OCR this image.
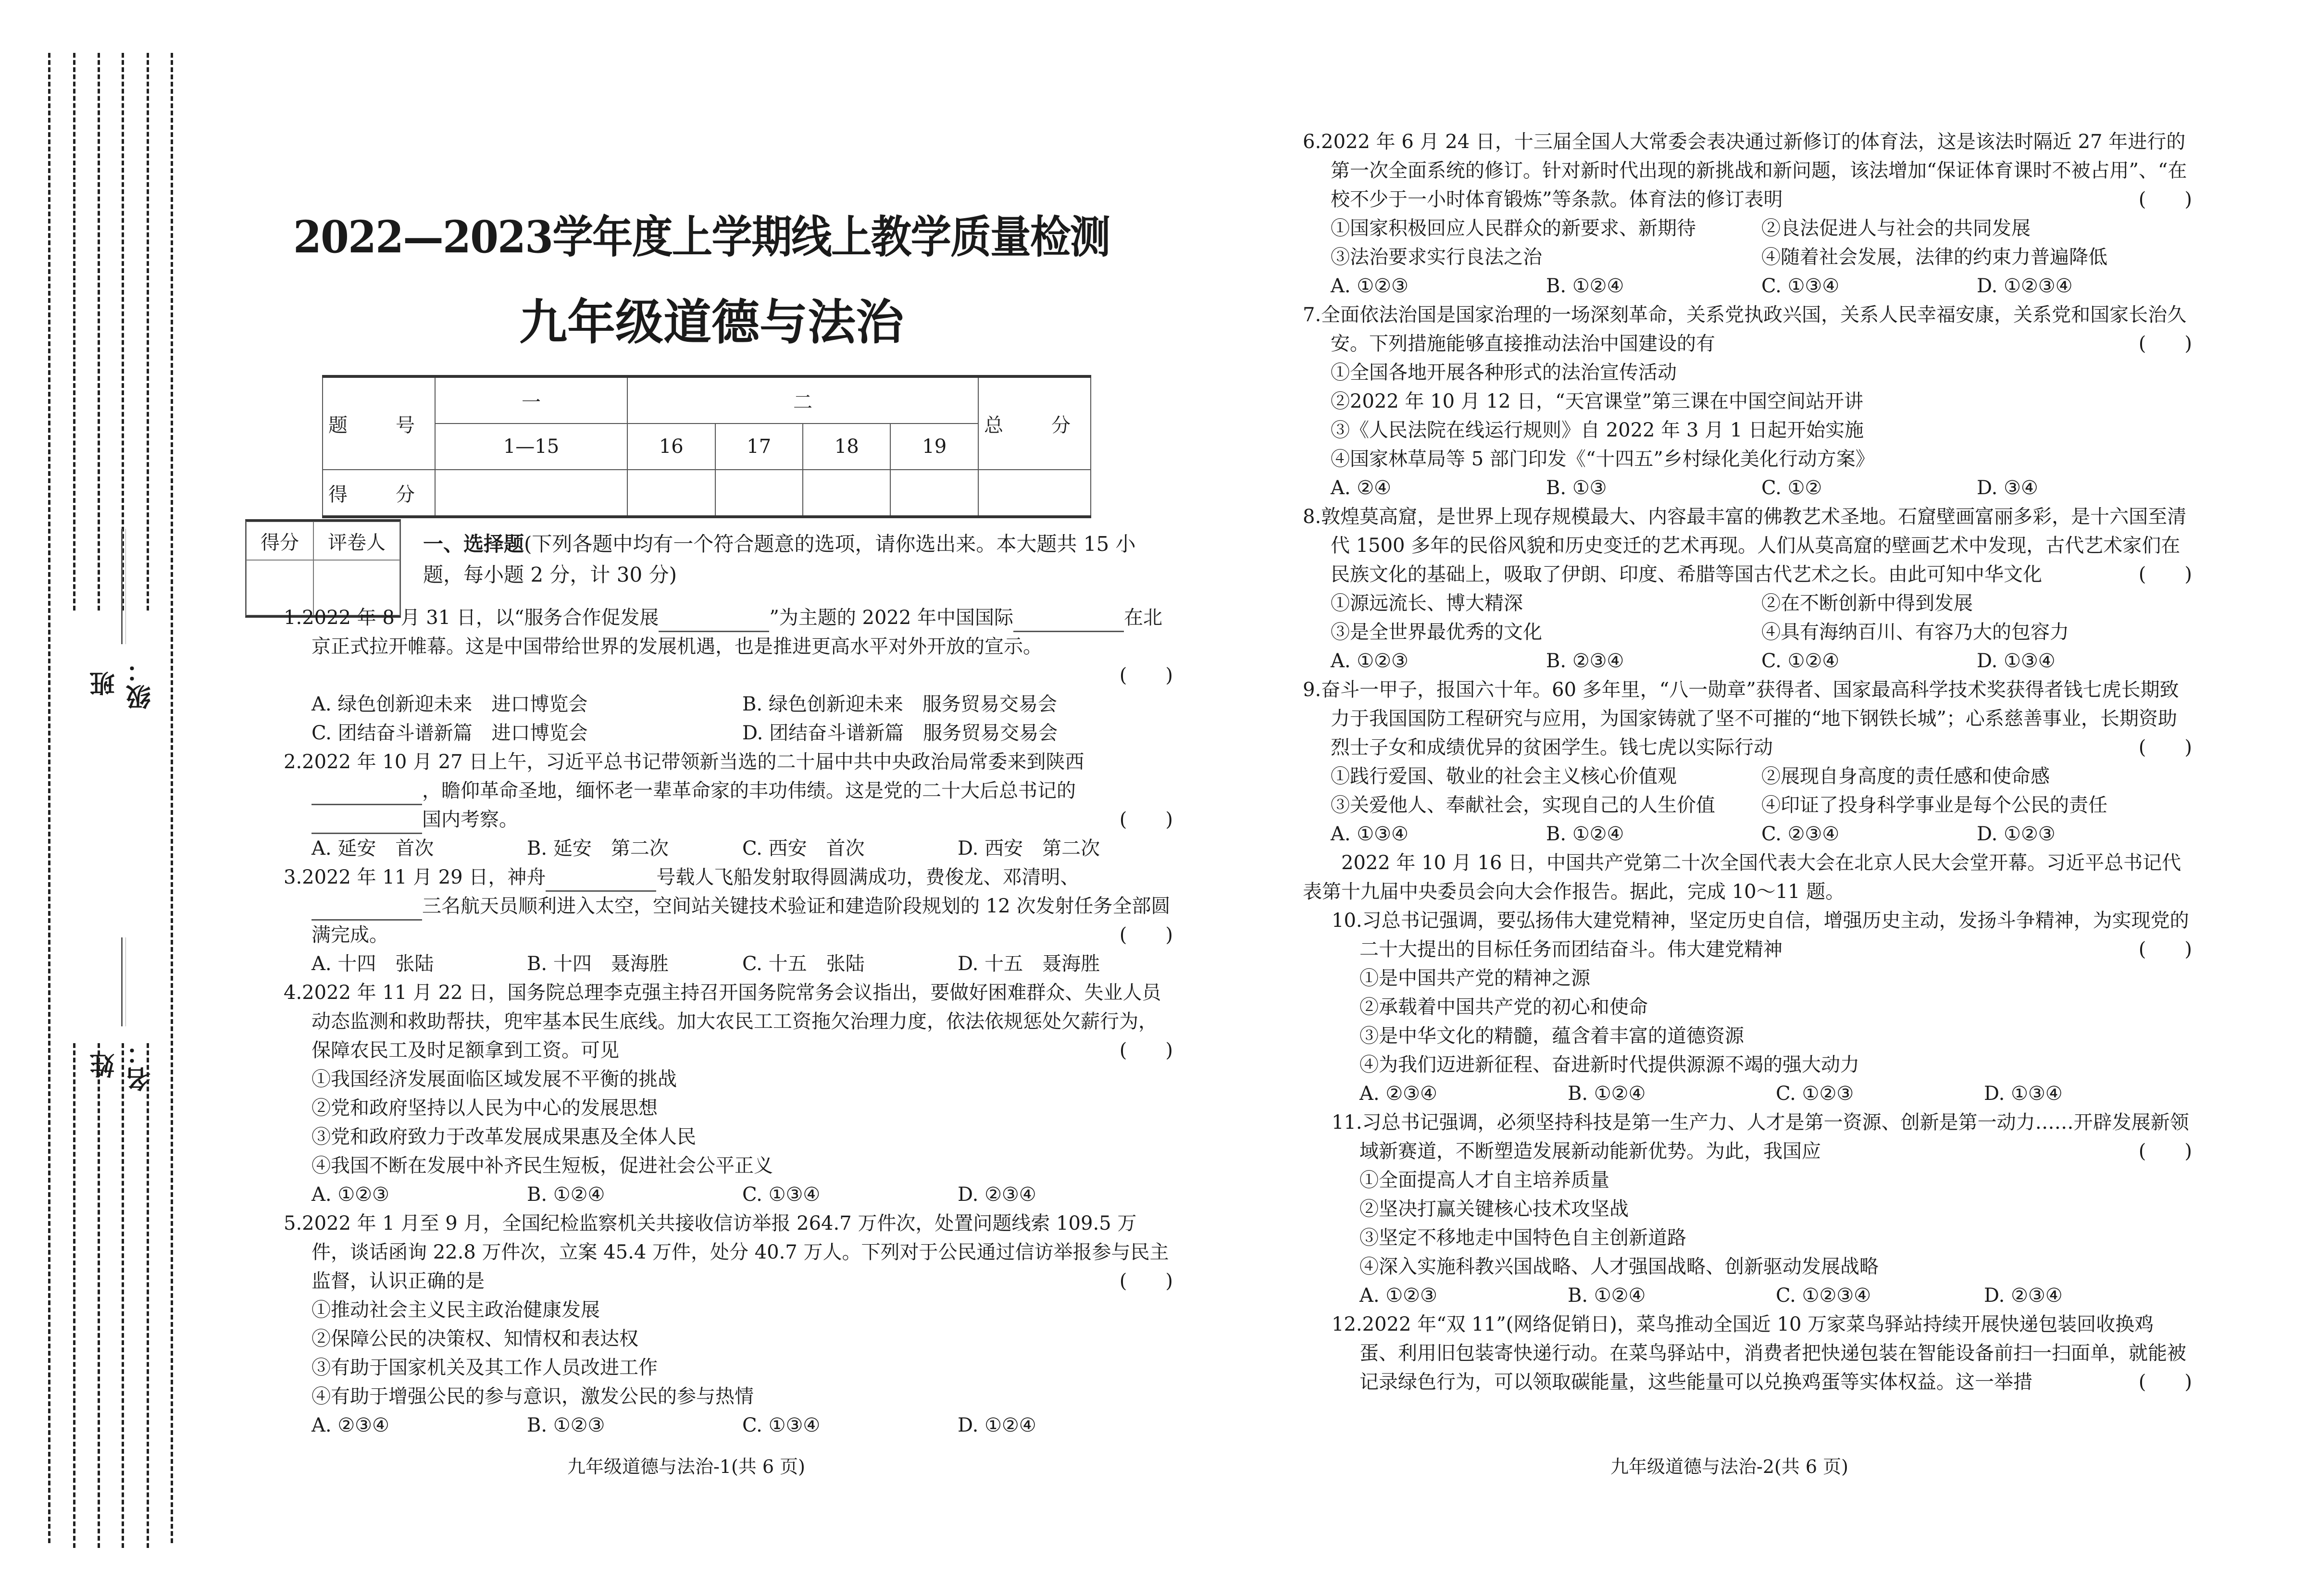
班级：
姓名：
2022—2023学年度上学期线上教学质量检测
九年级道德与法治
题　号	一	二				总　分
	1—15	16	17	18	19	
得　分						
得分	评卷人	一、选择题(下列各题中均有一个符合题意的选项，请你选出来。本大题共 15 小题，每小题 2 分，计 30 分)
1.2022 年 8 月 31 日，以“服务合作促发展	”为主题的 2022 年中国国际	在北京正式拉开帷幕。这是中国带给世界的发展机遇，也是推进更高水平对外开放的宣示。
(　　)
A. 绿色创新迎未来　进口博览会	B. 绿色创新迎未来　服务贸易交易会
C. 团结奋斗谱新篇　进口博览会	D. 团结奋斗谱新篇　服务贸易交易会
2.2022 年 10 月 27 日上午，习近平总书记带领新当选的二十届中共中央政治局常委来到陕西，瞻仰革命圣地，缅怀老一辈革命家的丰功伟绩。这是党的二十大后总书记的国内考察。	(　　)
A. 延安　首次	B. 延安　第二次	C. 西安　首次	D. 西安　第二次
3.2022 年 11 月 29 日，神舟	号载人飞船发射取得圆满成功，费俊龙、邓清明、三名航天员顺利进入太空，空间站关键技术验证和建造阶段规划的 12 次发射任务全部圆满完成。	(　　)
A. 十四　张陆	B. 十四　聂海胜	C. 十五　张陆	D. 十五　聂海胜
4.2022 年 11 月 22 日，国务院总理李克强主持召开国务院常务会议指出，要做好困难群众、失业人员动态监测和救助帮扶，兜牢基本民生底线。加大农民工工资拖欠治理力度，依法依规惩处欠薪行为，保障农民工及时足额拿到工资。可见	(　　)
①我国经济发展面临区域发展不平衡的挑战
②党和政府坚持以人民为中心的发展思想
③党和政府致力于改革发展成果惠及全体人民
④我国不断在发展中补齐民生短板，促进社会公平正义
A. ①②③	B. ①②④	C. ①③④	D. ②③④
5.2022 年 1 月至 9 月，全国纪检监察机关共接收信访举报 264.7 万件次，处置问题线索 109.5 万件，谈话函询 22.8 万件次，立案 45.4 万件，处分 40.7 万人。下列对于公民通过信访举报参与民主监督，认识正确的是	(　　)
①推动社会主义民主政治健康发展
②保障公民的决策权、知情权和表达权
③有助于国家机关及其工作人员改进工作
④有助于增强公民的参与意识，激发公民的参与热情
A. ②③④	B. ①②③	C. ①③④	D. ①②④
九年级道德与法治-1(共 6 页)
6.2022 年 6 月 24 日，十三届全国人大常委会表决通过新修订的体育法，这是该法时隔近 27 年进行的第一次全面系统的修订。针对新时代出现的新挑战和新问题，该法增加“保证体育课时不被占用”、“在校不少于一小时体育锻炼”等条款。体育法的修订表明	(　　)
①国家积极回应人民群众的新要求、新期待	②良法促进人与社会的共同发展
③法治要求实行良法之治	④随着社会发展，法律的约束力普遍降低
A. ①②③	B. ①②④	C. ①③④	D. ①②③④
7.全面依法治国是国家治理的一场深刻革命，关系党执政兴国，关系人民幸福安康，关系党和国家长治久安。下列措施能够直接推动法治中国建设的有	(　　)
①全国各地开展各种形式的法治宣传活动
②2022 年 10 月 12 日，“天宫课堂”第三课在中国空间站开讲
③《人民法院在线运行规则》自 2022 年 3 月 1 日起开始实施
④国家林草局等 5 部门印发《“十四五”乡村绿化美化行动方案》
A. ②④	B. ①③	C. ①②	D. ③④
8.敦煌莫高窟，是世界上现存规模最大、内容最丰富的佛教艺术圣地。石窟壁画富丽多彩，是十六国至清代 1500 多年的民俗风貌和历史变迁的艺术再现。人们从莫高窟的壁画艺术中发现，古代艺术家们在民族文化的基础上，吸取了伊朗、印度、希腊等国古代艺术之长。由此可知中华文化	(　　)
①源远流长、博大精深	②在不断创新中得到发展
③是全世界最优秀的文化	④具有海纳百川、有容乃大的包容力
A. ①②③	B. ②③④	C. ①②④	D. ①③④
9.奋斗一甲子，报国六十年。60 多年里，“八一勋章”获得者、国家最高科学技术奖获得者钱七虎长期致力于我国国防工程研究与应用，为国家铸就了坚不可摧的“地下钢铁长城”；心系慈善事业，长期资助烈士子女和成绩优异的贫困学生。钱七虎以实际行动	(　　)
①践行爱国、敬业的社会主义核心价值观	②展现自身高度的责任感和使命感
③关爱他人、奉献社会，实现自己的人生价值	④印证了投身科学事业是每个公民的责任
A. ①③④	B. ①②④	C. ②③④	D. ①②③
2022 年 10 月 16 日，中国共产党第二十次全国代表大会在北京人民大会堂开幕。习近平总书记代表第十九届中央委员会向大会作报告。据此，完成 10～11 题。
10.习总书记强调，要弘扬伟大建党精神，坚定历史自信，增强历史主动，发扬斗争精神，为实现党的二十大提出的目标任务而团结奋斗。伟大建党精神	(　　)
①是中国共产党的精神之源
②承载着中国共产党的初心和使命
③是中华文化的精髓，蕴含着丰富的道德资源
④为我们迈进新征程、奋进新时代提供源源不竭的强大动力
A. ②③④	B. ①②④	C. ①②③	D. ①③④
11.习总书记强调，必须坚持科技是第一生产力、人才是第一资源、创新是第一动力……开辟发展新领域新赛道，不断塑造发展新动能新优势。为此，我国应	(　　)
①全面提高人才自主培养质量
②坚决打赢关键核心技术攻坚战
③坚定不移地走中国特色自主创新道路
④深入实施科教兴国战略、人才强国战略、创新驱动发展战略
A. ①②③	B. ①②④	C. ①②③④	D. ②③④
12.2022 年“双 11”(网络促销日)，菜鸟推动全国近 10 万家菜鸟驿站持续开展快递包装回收换鸡蛋、利用旧包装寄快递行动。在菜鸟驿站中，消费者把快递包装在智能设备前扫一扫面单，就能被记录绿色行为，可以领取碳能量，这些能量可以兑换鸡蛋等实体权益。这一举措	(　　)
九年级道德与法治-2(共 6 页)
